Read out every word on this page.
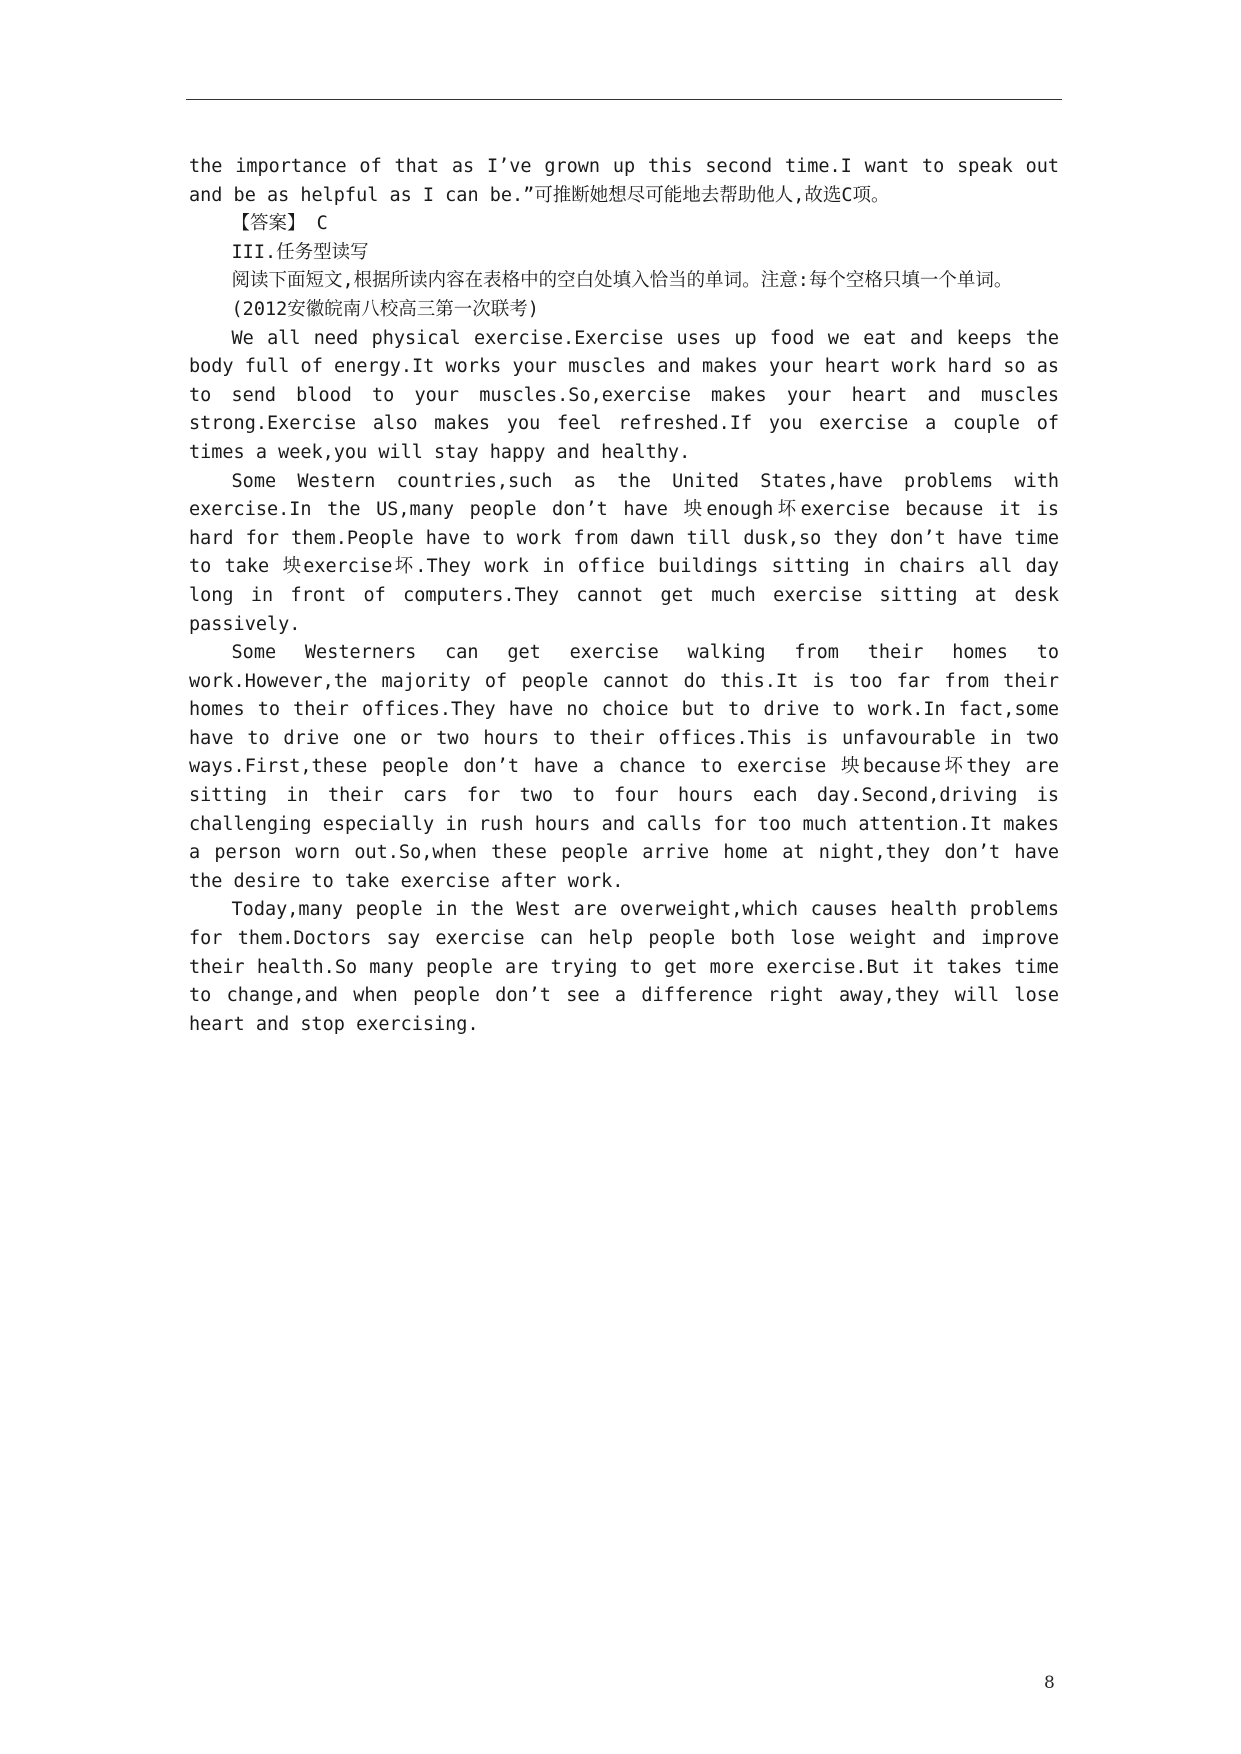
the importance of that as I’ve grown up this second time.I want to speak out and be as helpful as I can be.”可推断她想尽可能地去帮助他人,故选C项。

【答案】 C

III.任务型读写

阅读下面短文,根据所读内容在表格中的空白处填入恰当的单词。注意:每个空格只填一个单词。

(2012安徽皖南八校高三第一次联考)

We all need physical exercise.Exercise uses up food we eat and keeps the body full of energy.It works your muscles and makes your heart work hard so as to send blood to your muscles.So,exercise makes your heart and muscles strong.Exercise also makes you feel refreshed.If you exercise a couple of times a week,you will stay happy and healthy.

Some Western countries,such as the United States,have problems with exercise.In the US,many people don’t have 坱enough坏exercise because it is hard for them.People have to work from dawn till dusk,so they don’t have time to take 坱exercise坏.They work in office buildings sitting in chairs all day long in front of computers.They cannot get much exercise sitting at desk passively.

Some Westerners can get exercise walking from their homes to work.However,the majority of people cannot do this.It is too far from their homes to their offices.They have no choice but to drive to work.In fact,some have to drive one or two hours to their offices.This is unfavourable in two ways.First,these people don’t have a chance to exercise 坱because坏they are sitting in their cars for two to four hours each day.Second,driving is challenging especially in rush hours and calls for too much attention.It makes a person worn out.So,when these people arrive home at night,they don’t have the desire to take exercise after work.

Today,many people in the West are overweight,which causes health problems for them.Doctors say exercise can help people both lose weight and improve their health.So many people are trying to get more exercise.But it takes time to change,and when people don’t see a difference right away,they will lose heart and stop exercising.

8
